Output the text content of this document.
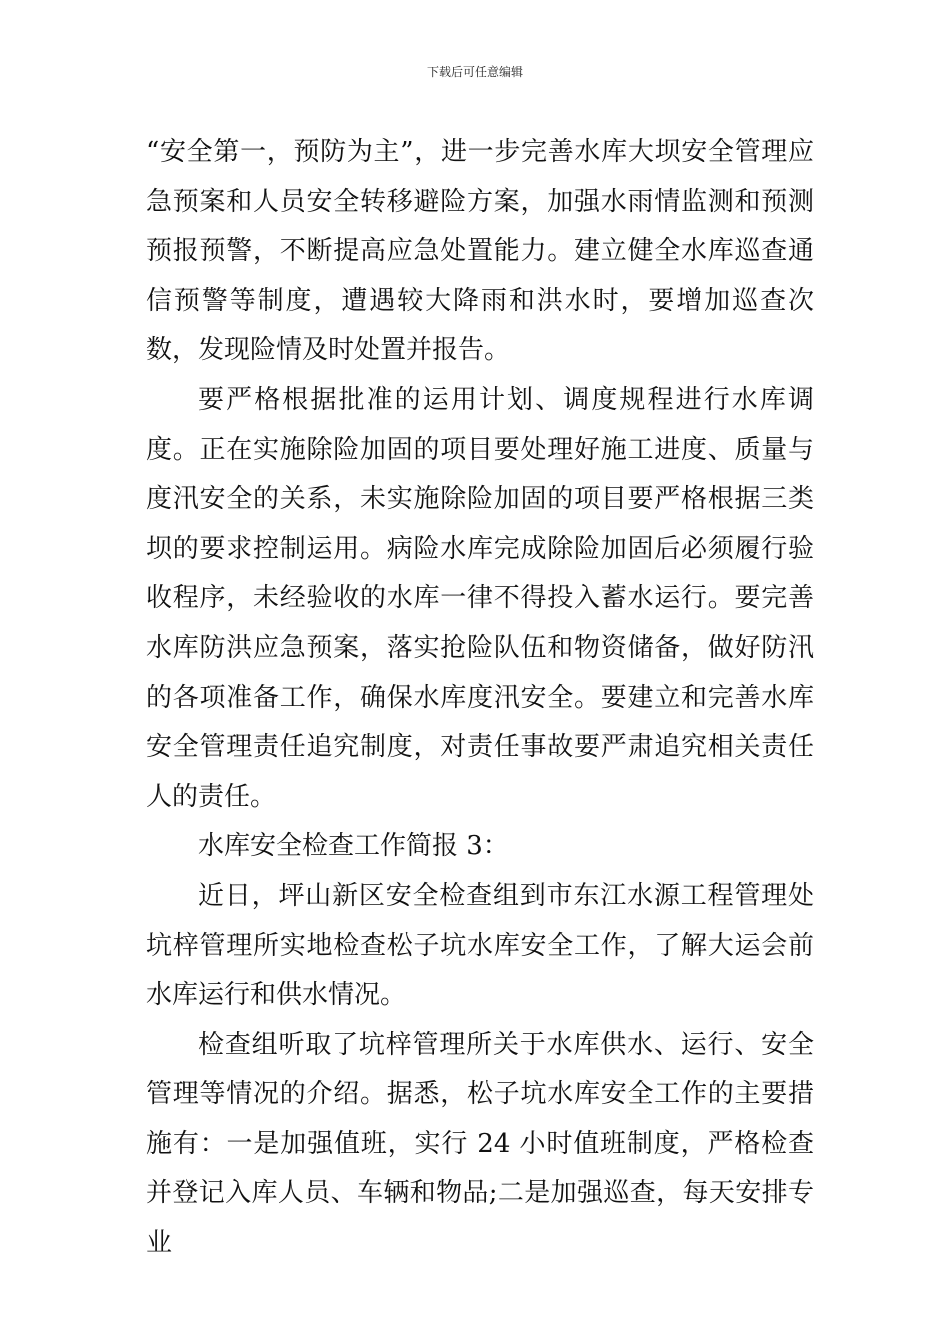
下载后可任意编辑

“安全第一，预防为主”，进一步完善水库大坝安全管理应急预案和人员安全转移避险方案，加强水雨情监测和预测预报预警，不断提高应急处置能力。建立健全水库巡查通信预警等制度，遭遇较大降雨和洪水时，要增加巡查次数，发现险情及时处置并报告。

要严格根据批准的运用计划、调度规程进行水库调度。正在实施除险加固的项目要处理好施工进度、质量与度汛安全的关系，未实施除险加固的项目要严格根据三类坝的要求控制运用。病险水库完成除险加固后必须履行验收程序，未经验收的水库一律不得投入蓄水运行。要完善水库防洪应急预案，落实抢险队伍和物资储备，做好防汛的各项准备工作，确保水库度汛安全。要建立和完善水库安全管理责任追究制度，对责任事故要严肃追究相关责任人的责任。

水库安全检查工作简报 3：

近日，坪山新区安全检查组到市东江水源工程管理处坑梓管理所实地检查松子坑水库安全工作，了解大运会前水库运行和供水情况。

检查组听取了坑梓管理所关于水库供水、运行、安全管理等情况的介绍。据悉，松子坑水库安全工作的主要措施有：一是加强值班，实行 24 小时值班制度，严格检查并登记入库人员、车辆和物品;二是加强巡查，每天安排专业
